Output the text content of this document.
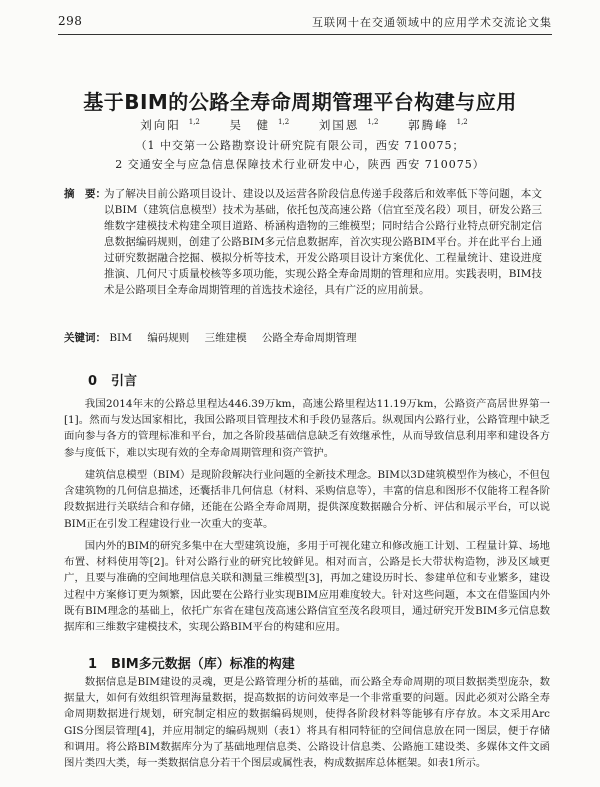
298	互联网十在交通领域中的应用学术交流论文集
基于BIM的公路全寿命周期管理平台构建与应用
刘向阳 $^{1,2}$	吴　健 $^{1,2}$	刘国恩 $^{1,2}$	郭腾峰 $^{1,2}$
（1 中交第一公路勘察设计研究院有限公司，西安 710075；
2 交通安全与应急信息保障技术行业研发中心，陕西 西安 710075）
摘　要：
为了解决目前公路项目设计、建设以及运营各阶段信息传递手段落后和效率低下等问题，本文以BIM（建筑信息模型）技术为基础，依托包茂高速公路（信宜至茂名段）项目，研发公路三维数字建模技术构建全项目道路、桥涵构造物的三维模型；同时结合公路行业特点研究制定信息数据编码规则，创建了公路BIM多元信息数据库，首次实现公路BIM平台。并在此平台上通过研究数据融合挖掘、模拟分析等技术，开发公路项目设计方案优化、工程量统计、建设进度推演、几何尺寸质量校核等多项功能，实现公路全寿命周期的管理和应用。实践表明，BIM技术是公路项目全寿命周期管理的首选技术途径，具有广泛的应用前景。
关键词： BIM 编码规则 三维建模 公路全寿命周期管理
0 引言
我国2014年末的公路总里程达446.39万km，高速公路里程达11.19万km，公路资产高居世界第一[1]。然而与发达国家相比，我国公路项目管理技术和手段仍显落后。纵观国内公路行业，公路管理中缺乏面向参与各方的管理标准和平台，加之各阶段基础信息缺乏有效继承性，从而导致信息利用率和建设各方参与度低下，难以实现有效的全寿命周期管理和资产管护。
建筑信息模型（BIM）是现阶段解决行业问题的全新技术理念。BIM以3D建筑模型作为核心，不但包含建筑物的几何信息描述，还囊括非几何信息（材料、采购信息等），丰富的信息和图形不仅能将工程各阶段数据进行关联结合和存储，还能在公路全寿命周期，提供深度数据融合分析、评估和展示平台，可以说BIM正在引发工程建设行业一次重大的变革。
国内外的BIM的研究多集中在大型建筑设施，多用于可视化建立和修改施工计划、工程量计算、场地布置、材料使用等[2]。针对公路行业的研究比较鲜见。相对而言，公路是长大带状构造物，涉及区域更广，且要与准确的空间地理信息关联和测量三维模型[3]，再加之建设历时长、参建单位和专业繁多，建设过程中方案修订更为频繁，因此要在公路行业实现BIM应用难度较大。针对这些问题，本文在借鉴国内外既有BIM理念的基础上，依托广东省在建包茂高速公路信宜至茂名段项目，通过研究开发BIM多元信息数据库和三维数字建模技术，实现公路BIM平台的构建和应用。
1 BIM多元数据（库）标准的构建
数据信息是BIM建设的灵魂，更是公路管理分析的基础，而公路全寿命周期的项目数据类型庞杂，数据量大，如何有效组织管理海量数据，提高数据的访问效率是一个非常重要的问题。因此必须对公路全寿命周期数据进行规划，研究制定相应的数据编码规则，使得各阶段材料等能够有序存放。本文采用Arc GIS分图层管理[4]，并应用制定的编码规则（表1）将具有相同特征的空间信息放在同一图层，便于存储和调用。将公路BIM数据库分为了基础地理信息类、公路设计信息类、公路施工建设类、多媒体文件文函图片类四大类，每一类数据信息分若干个图层或属性表，构成数据库总体框架。如表1所示。
